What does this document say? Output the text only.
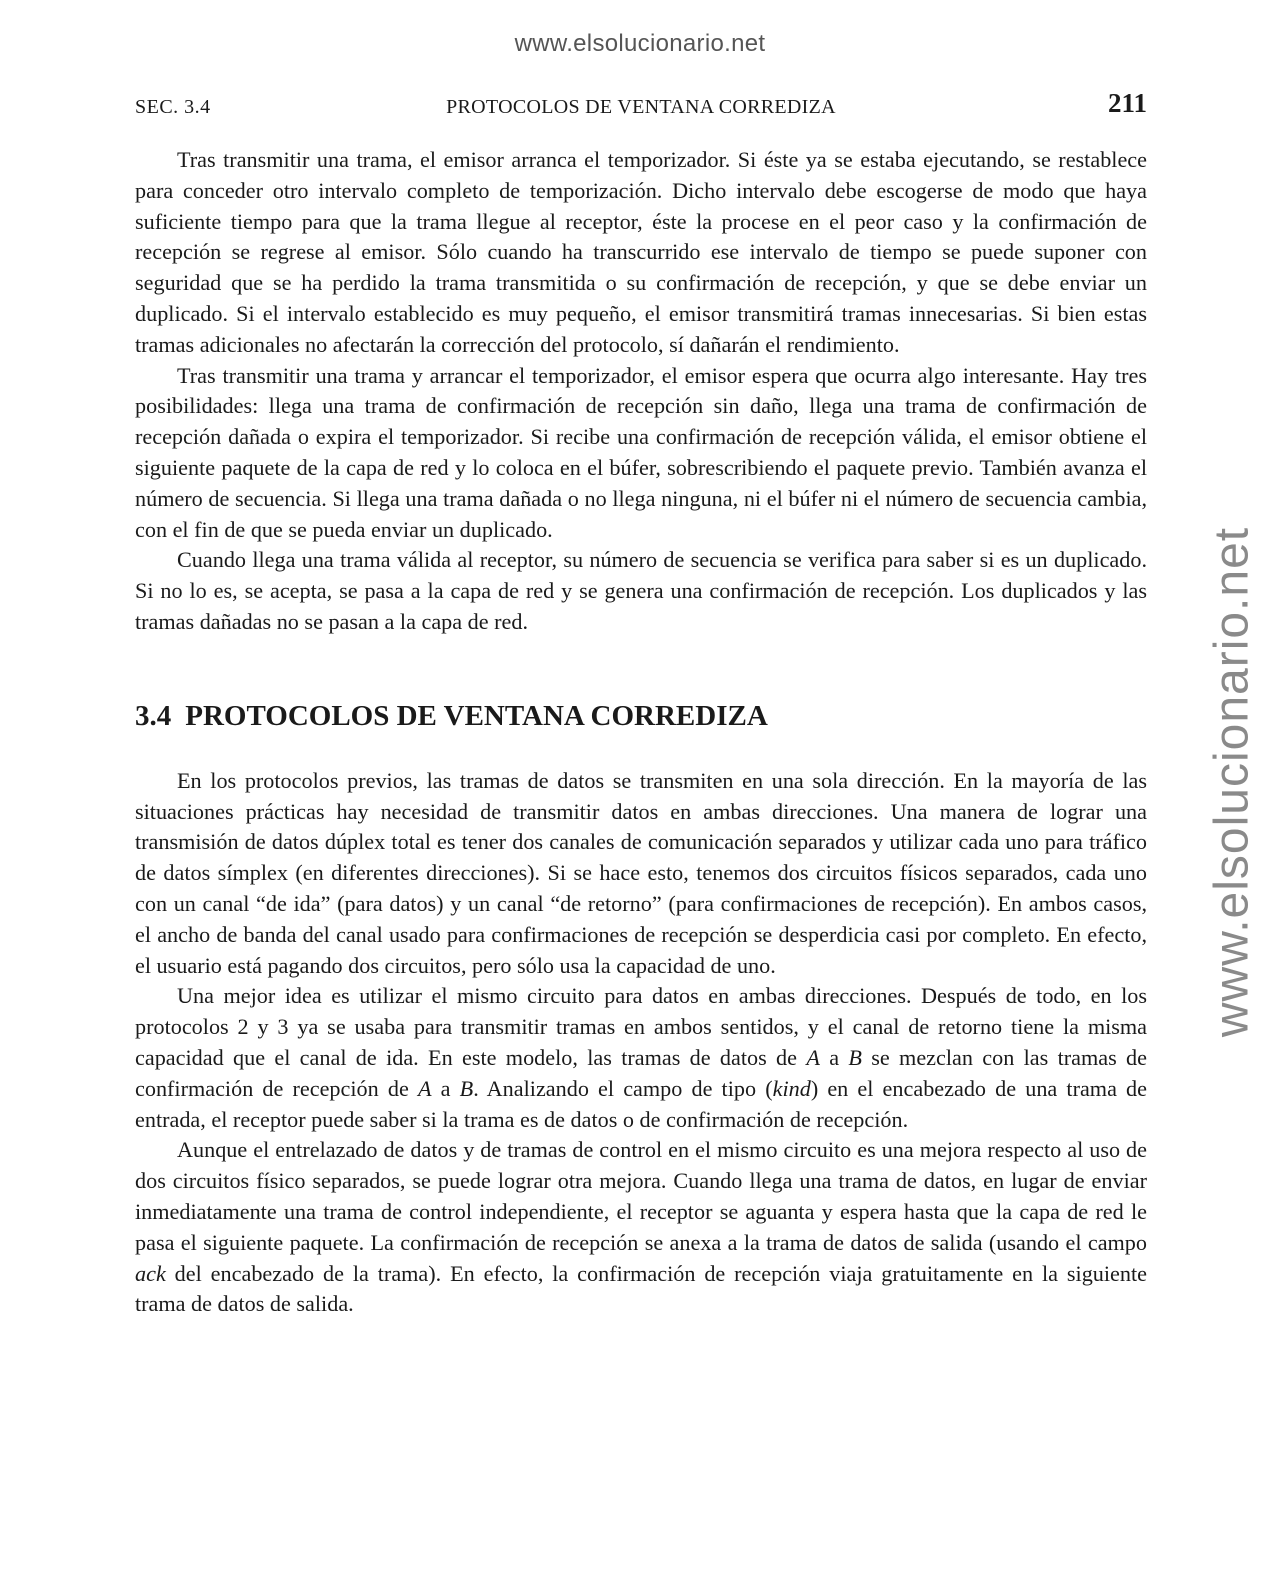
www.elsolucionario.net
www.elsolucionario.net
SEC. 3.4	PROTOCOLOS DE VENTANA CORREDIZA	211

Tras transmitir una trama, el emisor arranca el temporizador. Si éste ya se estaba ejecutando, se restablece para conceder otro intervalo completo de temporización. Dicho intervalo debe escogerse de modo que haya suficiente tiempo para que la trama llegue al receptor, éste la procese en el peor caso y la confirmación de recepción se regrese al emisor. Sólo cuando ha transcurrido ese intervalo de tiempo se puede suponer con seguridad que se ha perdido la trama transmitida o su confirmación de recepción, y que se debe enviar un duplicado. Si el intervalo establecido es muy pequeño, el emisor transmitirá tramas innecesarias. Si bien estas tramas adicionales no afectarán la corrección del protocolo, sí dañarán el rendimiento.

Tras transmitir una trama y arrancar el temporizador, el emisor espera que ocurra algo interesante. Hay tres posibilidades: llega una trama de confirmación de recepción sin daño, llega una trama de confirmación de recepción dañada o expira el temporizador. Si recibe una confirmación de recepción válida, el emisor obtiene el siguiente paquete de la capa de red y lo coloca en el búfer, sobrescribiendo el paquete previo. También avanza el número de secuencia. Si llega una trama dañada o no llega ninguna, ni el búfer ni el número de secuencia cambia, con el fin de que se pueda enviar un duplicado.

Cuando llega una trama válida al receptor, su número de secuencia se verifica para saber si es un duplicado. Si no lo es, se acepta, se pasa a la capa de red y se genera una confirmación de recepción. Los duplicados y las tramas dañadas no se pasan a la capa de red.

3.4 PROTOCOLOS DE VENTANA CORREDIZA

En los protocolos previos, las tramas de datos se transmiten en una sola dirección. En la mayoría de las situaciones prácticas hay necesidad de transmitir datos en ambas direcciones. Una manera de lograr una transmisión de datos dúplex total es tener dos canales de comunicación separados y utilizar cada uno para tráfico de datos símplex (en diferentes direcciones). Si se hace esto, tenemos dos circuitos físicos separados, cada uno con un canal “de ida” (para datos) y un canal “de retorno” (para confirmaciones de recepción). En ambos casos, el ancho de banda del canal usado para confirmaciones de recepción se desperdicia casi por completo. En efecto, el usuario está pagando dos circuitos, pero sólo usa la capacidad de uno.

Una mejor idea es utilizar el mismo circuito para datos en ambas direcciones. Después de todo, en los protocolos 2 y 3 ya se usaba para transmitir tramas en ambos sentidos, y el canal de retorno tiene la misma capacidad que el canal de ida. En este modelo, las tramas de datos de A a B se mezclan con las tramas de confirmación de recepción de A a B. Analizando el campo de tipo (kind) en el encabezado de una trama de entrada, el receptor puede saber si la trama es de datos o de confirmación de recepción.

Aunque el entrelazado de datos y de tramas de control en el mismo circuito es una mejora respecto al uso de dos circuitos físico separados, se puede lograr otra mejora. Cuando llega una trama de datos, en lugar de enviar inmediatamente una trama de control independiente, el receptor se aguanta y espera hasta que la capa de red le pasa el siguiente paquete. La confirmación de recepción se anexa a la trama de datos de salida (usando el campo ack del encabezado de la trama). En efecto, la confirmación de recepción viaja gratuitamente en la siguiente trama de datos de salida.
